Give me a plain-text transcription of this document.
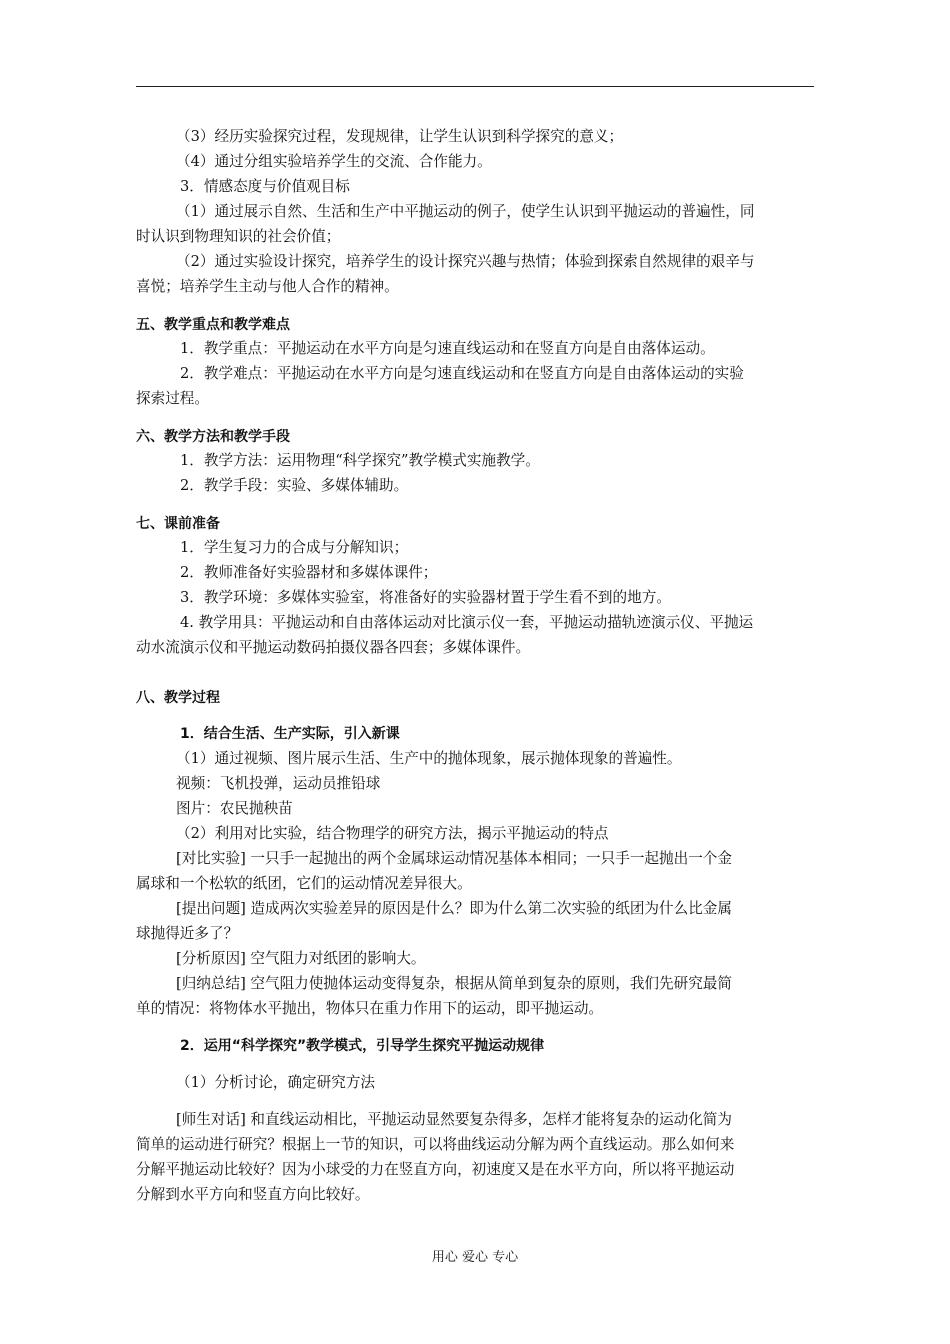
（3）经历实验探究过程，发现规律，让学生认识到科学探究的意义；
（4）通过分组实验培养学生的交流、合作能力。
3．情感态度与价值观目标
（1）通过展示自然、生活和生产中平抛运动的例子，使学生认识到平抛运动的普遍性，同
时认识到物理知识的社会价值；
（2）通过实验设计探究，培养学生的设计探究兴趣与热情；体验到探索自然规律的艰辛与
喜悦；培养学生主动与他人合作的精神。
五、教学重点和教学难点
1．教学重点：平抛运动在水平方向是匀速直线运动和在竖直方向是自由落体运动。
2．教学难点：平抛运动在水平方向是匀速直线运动和在竖直方向是自由落体运动的实验
探索过程。
六、教学方法和教学手段
1．教学方法：运用物理“科学探究”教学模式实施教学。
2．教学手段：实验、多媒体辅助。
七、课前准备
1．学生复习力的合成与分解知识；
2．教师准备好实验器材和多媒体课件；
3．教学环境：多媒体实验室，将准备好的实验器材置于学生看不到的地方。
4. 教学用具：平抛运动和自由落体运动对比演示仪一套，平抛运动描轨迹演示仪、平抛运
动水流演示仪和平抛运动数码拍摄仪器各四套；多媒体课件。
八、教学过程
1．结合生活、生产实际，引入新课
（1）通过视频、图片展示生活、生产中的抛体现象，展示抛体现象的普遍性。
视频：飞机投弹，运动员推铅球
图片：农民抛秧苗
（2）利用对比实验，结合物理学的研究方法，揭示平抛运动的特点
[对比实验] 一只手一起抛出的两个金属球运动情况基体本相同；一只手一起抛出一个金
属球和一个松软的纸团，它们的运动情况差异很大。
[提出问题] 造成两次实验差异的原因是什么？即为什么第二次实验的纸团为什么比金属
球抛得近多了？
[分析原因] 空气阻力对纸团的影响大。
[归纳总结] 空气阻力使抛体运动变得复杂，根据从简单到复杂的原则，我们先研究最简
单的情况：将物体水平抛出，物体只在重力作用下的运动，即平抛运动。
2．运用“科学探究”教学模式，引导学生探究平抛运动规律
（1）分析讨论，确定研究方法
[师生对话] 和直线运动相比，平抛运动显然要复杂得多，怎样才能将复杂的运动化简为
简单的运动进行研究？根据上一节的知识，可以将曲线运动分解为两个直线运动。那么如何来
分解平抛运动比较好？因为小球受的力在竖直方向，初速度又是在水平方向，所以将平抛运动
分解到水平方向和竖直方向比较好。
用心 爱心 专心
